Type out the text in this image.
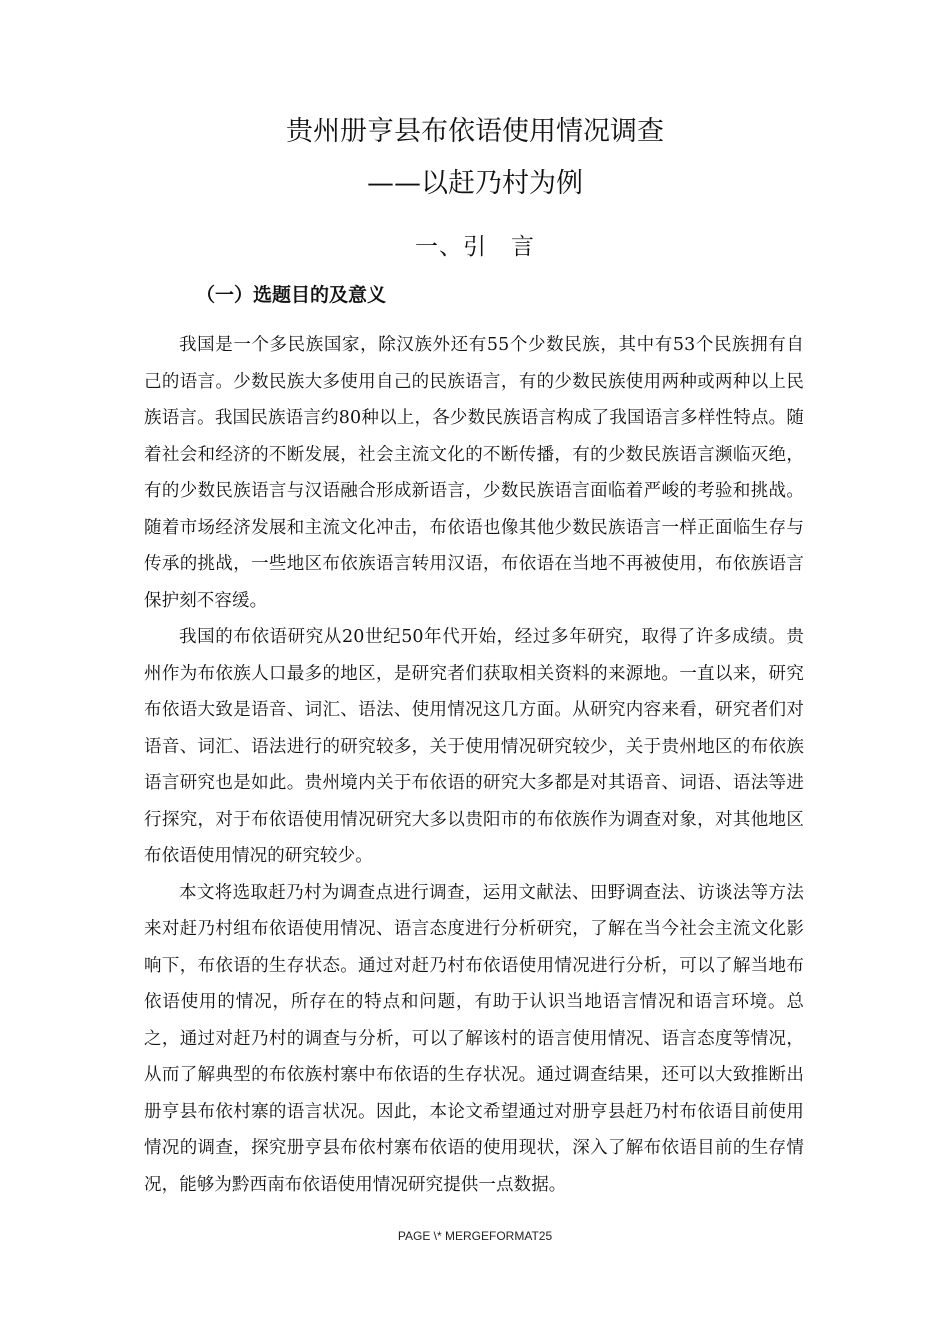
贵州册亨县布依语使用情况调查
——以赶乃村为例
一、引　言
（一）选题目的及意义

我国是一个多民族国家，除汉族外还有55个少数民族，其中有53个民族拥有自己的语言。少数民族大多使用自己的民族语言，有的少数民族使用两种或两种以上民族语言。我国民族语言约80种以上，各少数民族语言构成了我国语言多样性特点。随着社会和经济的不断发展，社会主流文化的不断传播，有的少数民族语言濒临灭绝，有的少数民族语言与汉语融合形成新语言，少数民族语言面临着严峻的考验和挑战。随着市场经济发展和主流文化冲击，布依语也像其他少数民族语言一样正面临生存与传承的挑战，一些地区布依族语言转用汉语，布依语在当地不再被使用，布依族语言保护刻不容缓。

我国的布依语研究从20世纪50年代开始，经过多年研究，取得了许多成绩。贵州作为布依族人口最多的地区，是研究者们获取相关资料的来源地。一直以来，研究布依语大致是语音、词汇、语法、使用情况这几方面。从研究内容来看，研究者们对语音、词汇、语法进行的研究较多，关于使用情况研究较少，关于贵州地区的布依族语言研究也是如此。贵州境内关于布依语的研究大多都是对其语音、词语、语法等进行探究，对于布依语使用情况研究大多以贵阳市的布依族作为调查对象，对其他地区布依语使用情况的研究较少。

本文将选取赶乃村为调查点进行调查，运用文献法、田野调查法、访谈法等方法来对赶乃村组布依语使用情况、语言态度进行分析研究，了解在当今社会主流文化影响下，布依语的生存状态。通过对赶乃村布依语使用情况进行分析，可以了解当地布依语使用的情况，所存在的特点和问题，有助于认识当地语言情况和语言环境。总之，通过对赶乃村的调查与分析，可以了解该村的语言使用情况、语言态度等情况，从而了解典型的布依族村寨中布依语的生存状况。通过调查结果，还可以大致推断出册亨县布依村寨的语言状况。因此，本论文希望通过对册亨县赶乃村布依语目前使用情况的调查，探究册亨县布依村寨布依语的使用现状，深入了解布依语目前的生存情况，能够为黔西南布依语使用情况研究提供一点数据。

PAGE \* MERGEFORMAT25
